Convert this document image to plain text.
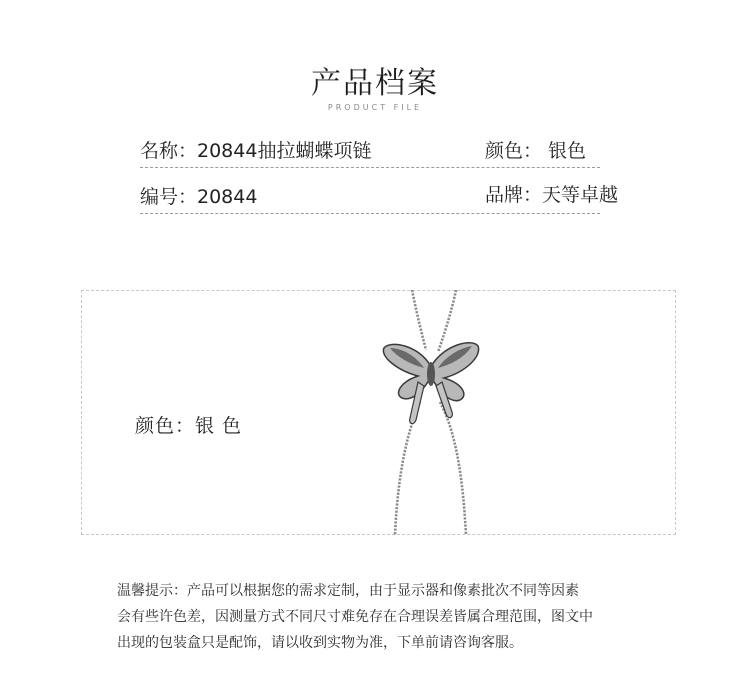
产品档案
PRODUCT FILE
名称：20844抽拉蝴蝶项链	颜色： 银色
编号：20844	品牌：天等卓越
颜色：银 色
温馨提示：产品可以根据您的需求定制，由于显示器和像素批次不同等因素
会有些许色差，因测量方式不同尺寸难免存在合理误差皆属合理范围，图文中
出现的包装盒只是配饰，请以收到实物为准，下单前请咨询客服。
